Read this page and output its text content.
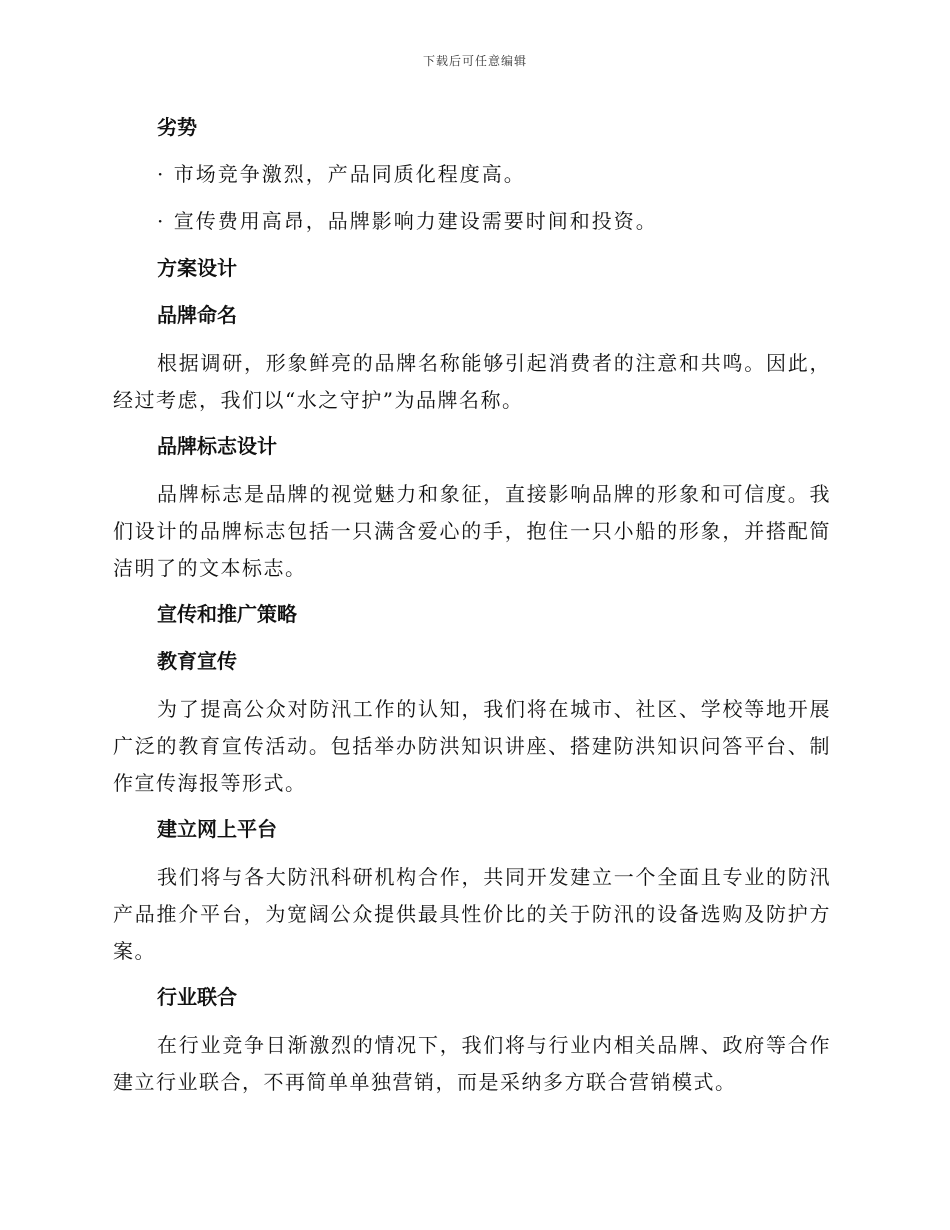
下载后可任意编辑
劣势

· 市场竞争激烈，产品同质化程度高。

· 宣传费用高昂，品牌影响力建设需要时间和投资。

方案设计
品牌命名

根据调研，形象鲜亮的品牌名称能够引起消费者的注意和共鸣。因此，经过考虑，我们以“水之守护”为品牌名称。

品牌标志设计

品牌标志是品牌的视觉魅力和象征，直接影响品牌的形象和可信度。我们设计的品牌标志包括一只满含爱心的手，抱住一只小船的形象，并搭配简洁明了的文本标志。

宣传和推广策略
教育宣传

为了提高公众对防汛工作的认知，我们将在城市、社区、学校等地开展广泛的教育宣传活动。包括举办防洪知识讲座、搭建防洪知识问答平台、制作宣传海报等形式。

建立网上平台

我们将与各大防汛科研机构合作，共同开发建立一个全面且专业的防汛产品推介平台，为宽阔公众提供最具性价比的关于防汛的设备选购及防护方案。

行业联合

在行业竞争日渐激烈的情况下，我们将与行业内相关品牌、政府等合作建立行业联合，不再简单单独营销，而是采纳多方联合营销模式。
